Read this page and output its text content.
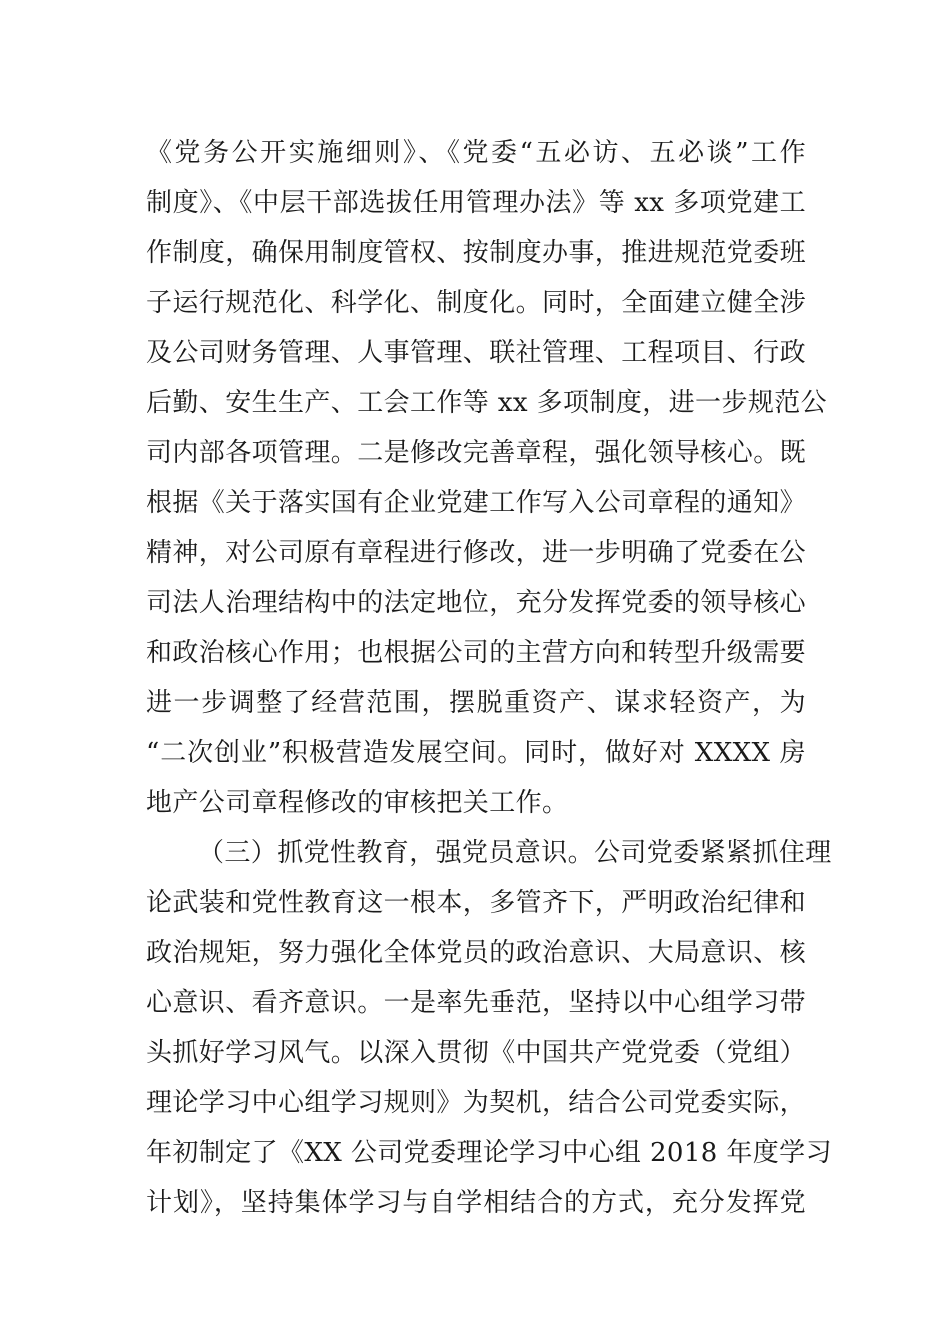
《党务公开实施细则》、《党委“五必访、五必谈”工作
制度》、《中层干部选拔任用管理办法》等 xx 多项党建工
作制度，确保用制度管权、按制度办事，推进规范党委班
子运行规范化、科学化、制度化。同时，全面建立健全涉
及公司财务管理、人事管理、联社管理、工程项目、行政
后勤、安生生产、工会工作等 xx 多项制度，进一步规范公
司内部各项管理。二是修改完善章程，强化领导核心。既
根据《关于落实国有企业党建工作写入公司章程的通知》
精神，对公司原有章程进行修改，进一步明确了党委在公
司法人治理结构中的法定地位，充分发挥党委的领导核心
和政治核心作用；也根据公司的主营方向和转型升级需要
进一步调整了经营范围，摆脱重资产、谋求轻资产，为
“二次创业”积极营造发展空间。同时，做好对 XXXX 房
地产公司章程修改的审核把关工作。
（三）抓党性教育，强党员意识。公司党委紧紧抓住理
论武装和党性教育这一根本，多管齐下，严明政治纪律和
政治规矩，努力强化全体党员的政治意识、大局意识、核
心意识、看齐意识。一是率先垂范，坚持以中心组学习带
头抓好学习风气。以深入贯彻《中国共产党党委（党组）
理论学习中心组学习规则》为契机，结合公司党委实际，
年初制定了《XX 公司党委理论学习中心组 2018 年度学习
计划》，坚持集体学习与自学相结合的方式，充分发挥党
